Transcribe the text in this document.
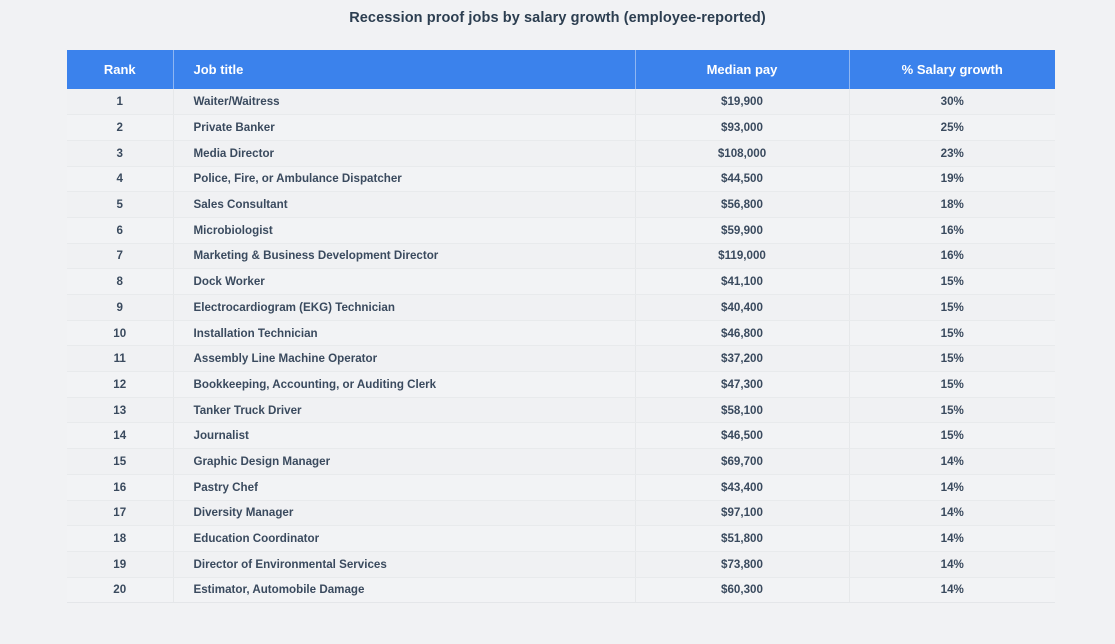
Recession proof jobs by salary growth (employee-reported)
Rank	Job title	Median pay	% Salary growth
1	Waiter/Waitress	$19,900	30%
2	Private Banker	$93,000	25%
3	Media Director	$108,000	23%
4	Police, Fire, or Ambulance Dispatcher	$44,500	19%
5	Sales Consultant	$56,800	18%
6	Microbiologist	$59,900	16%
7	Marketing & Business Development Director	$119,000	16%
8	Dock Worker	$41,100	15%
9	Electrocardiogram (EKG) Technician	$40,400	15%
10	Installation Technician	$46,800	15%
11	Assembly Line Machine Operator	$37,200	15%
12	Bookkeeping, Accounting, or Auditing Clerk	$47,300	15%
13	Tanker Truck Driver	$58,100	15%
14	Journalist	$46,500	15%
15	Graphic Design Manager	$69,700	14%
16	Pastry Chef	$43,400	14%
17	Diversity Manager	$97,100	14%
18	Education Coordinator	$51,800	14%
19	Director of Environmental Services	$73,800	14%
20	Estimator, Automobile Damage	$60,300	14%
